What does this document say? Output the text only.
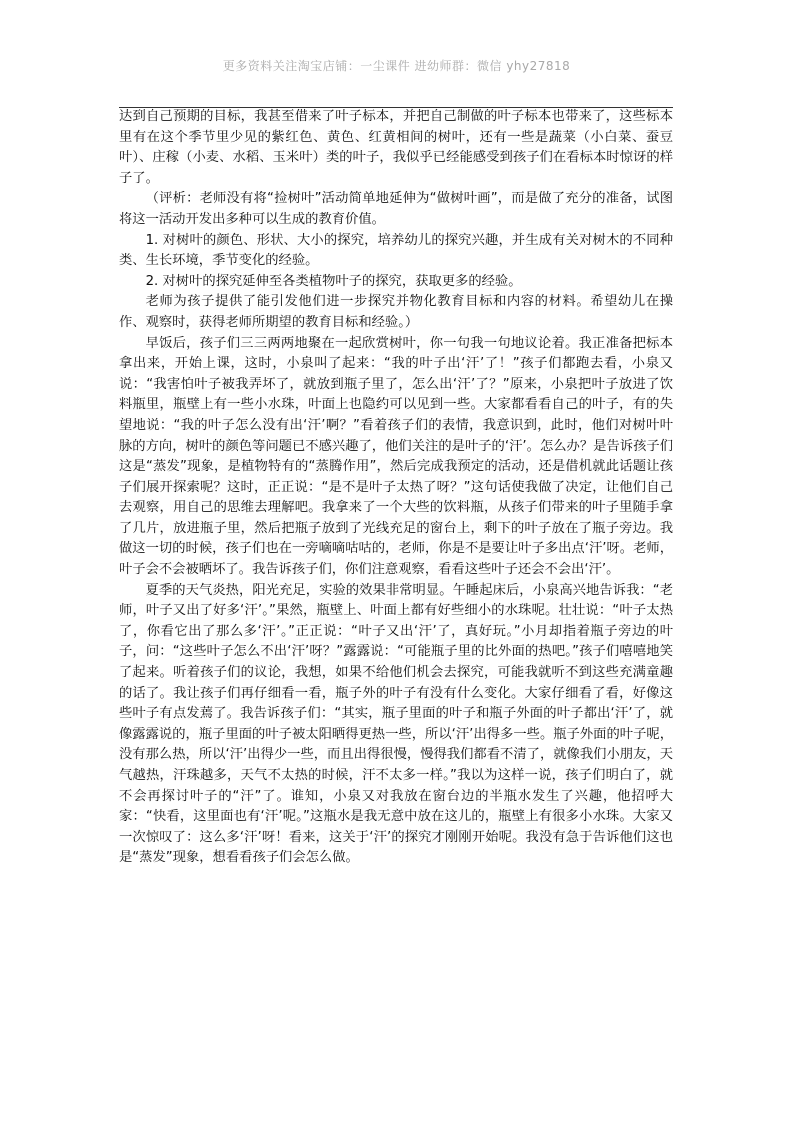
更多资料关注淘宝店铺：一尘课件 进幼师群：微信 yhy27818

达到自己预期的目标，我甚至借来了叶子标本，并把自己制做的叶子标本也带来了，这些标本里有在这个季节里少见的紫红色、黄色、红黄相间的树叶，还有一些是蔬菜（小白菜、蚕豆叶）、庄稼（小麦、水稻、玉米叶）类的叶子，我似乎已经能感受到孩子们在看标本时惊讶的样子了。

（评析：老师没有将“捡树叶”活动简单地延伸为“做树叶画”，而是做了充分的准备，试图将这一活动开发出多种可以生成的教育价值。

1. 对树叶的颜色、形状、大小的探究，培养幼儿的探究兴趣，并生成有关对树木的不同种类、生长环境，季节变化的经验。

2. 对树叶的探究延伸至各类植物叶子的探究，获取更多的经验。

老师为孩子提供了能引发他们进一步探究并物化教育目标和内容的材料。希望幼儿在操作、观察时，获得老师所期望的教育目标和经验。）

早饭后，孩子们三三两两地聚在一起欣赏树叶，你一句我一句地议论着。我正准备把标本拿出来，开始上课，这时，小泉叫了起来：“我的叶子出‘汗’了！”孩子们都跑去看，小泉又说：“我害怕叶子被我弄坏了，就放到瓶子里了，怎么出‘汗’了？”原来，小泉把叶子放进了饮料瓶里，瓶壁上有一些小水珠，叶面上也隐约可以见到一些。大家都看看自己的叶子，有的失望地说：“我的叶子怎么没有出‘汗’啊？”看着孩子们的表情，我意识到，此时，他们对树叶叶脉的方向，树叶的颜色等问题已不感兴趣了，他们关注的是叶子的‘汗’。怎么办？是告诉孩子们这是“蒸发”现象，是植物特有的“蒸腾作用”，然后完成我预定的活动，还是借机就此话题让孩子们展开探索呢？这时，正正说：“是不是叶子太热了呀？”这句话使我做了决定，让他们自己去观察，用自己的思维去理解吧。我拿来了一个大些的饮料瓶，从孩子们带来的叶子里随手拿了几片，放进瓶子里，然后把瓶子放到了光线充足的窗台上，剩下的叶子放在了瓶子旁边。我做这一切的时候，孩子们也在一旁嘀嘀咕咕的，老师，你是不是要让叶子多出点‘汗’呀。老师，叶子会不会被晒坏了。我告诉孩子们，你们注意观察，看看这些叶子还会不会出‘汗’。

夏季的天气炎热，阳光充足，实验的效果非常明显。午睡起床后，小泉高兴地告诉我：“老师，叶子又出了好多‘汗’。”果然，瓶壁上、叶面上都有好些细小的水珠呢。壮壮说：“叶子太热了，你看它出了那么多‘汗’。”正正说：“叶子又出‘汗’了，真好玩。”小月却指着瓶子旁边的叶子，问：“这些叶子怎么不出‘汗’呀？”露露说：“可能瓶子里的比外面的热吧。”孩子们嘻嘻地笑了起来。听着孩子们的议论，我想，如果不给他们机会去探究，可能我就听不到这些充满童趣的话了。我让孩子们再仔细看一看，瓶子外的叶子有没有什么变化。大家仔细看了看，好像这些叶子有点发蔫了。我告诉孩子们：“其实，瓶子里面的叶子和瓶子外面的叶子都出‘汗’了，就像露露说的，瓶子里面的叶子被太阳晒得更热一些，所以‘汗’出得多一些。瓶子外面的叶子呢，没有那么热，所以‘汗’出得少一些，而且出得很慢，慢得我们都看不清了，就像我们小朋友，天气越热，汗珠越多，天气不太热的时候，汗不太多一样。”我以为这样一说，孩子们明白了，就不会再探讨叶子的“汗”了。谁知，小泉又对我放在窗台边的半瓶水发生了兴趣，他招呼大家：“快看，这里面也有‘汗’呢。”这瓶水是我无意中放在这儿的，瓶壁上有很多小水珠。大家又一次惊叹了：这么多‘汗’呀！看来，这关于‘汗’的探究才刚刚开始呢。我没有急于告诉他们这也是“蒸发”现象，想看看孩子们会怎么做。
